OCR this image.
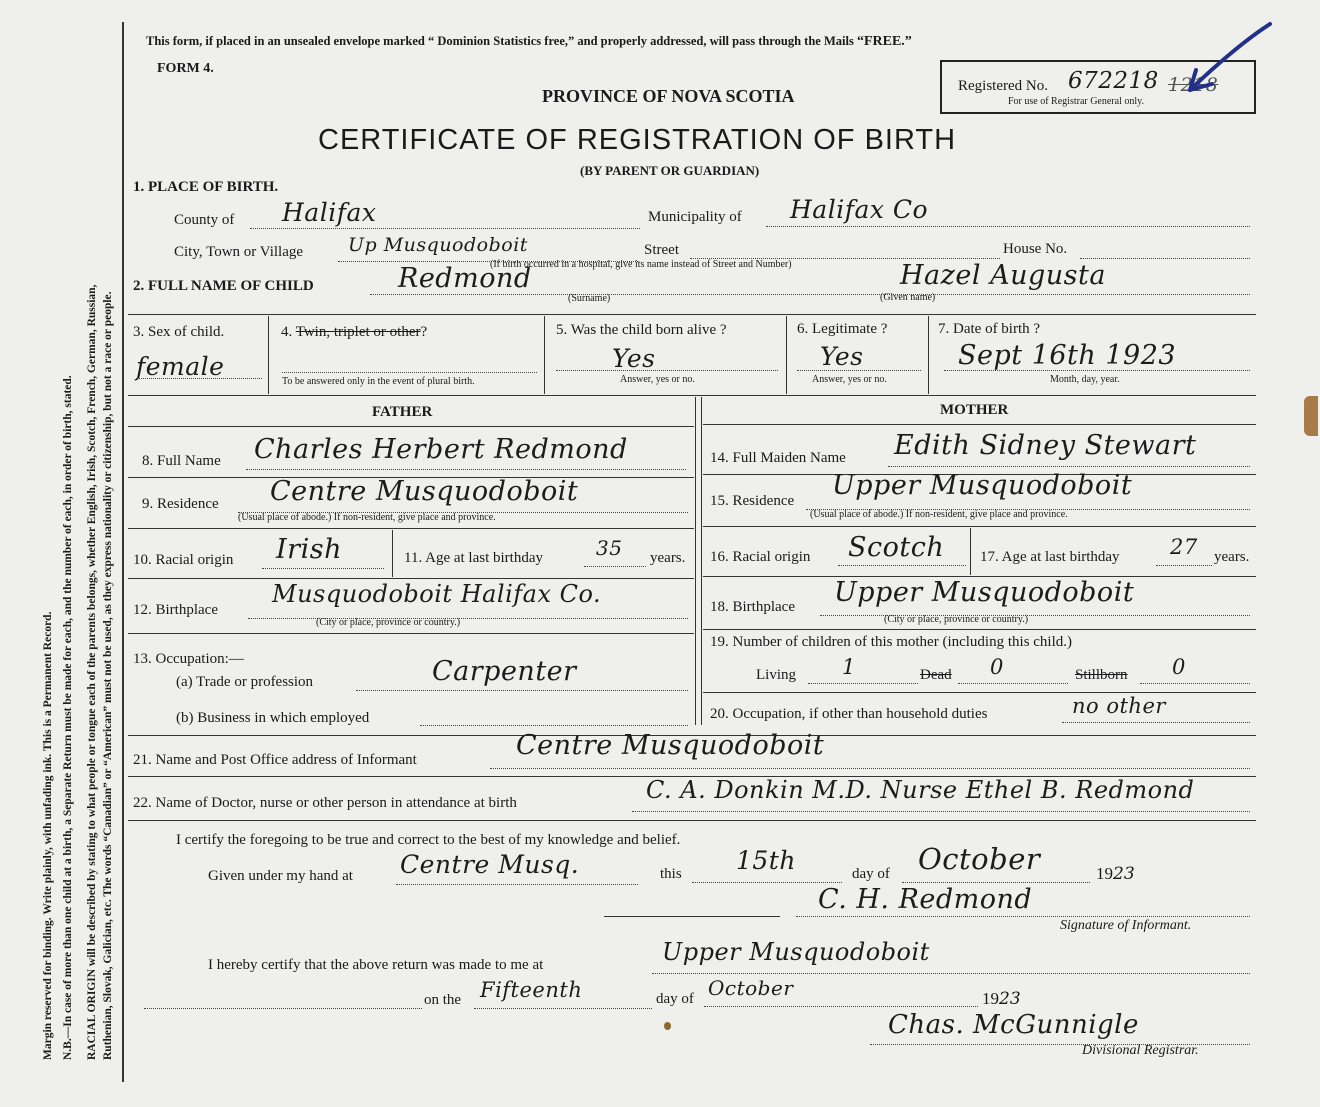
Margin reserved for binding. Write plainly, with unfading ink. This is a Permanent Record. N.B.—In case of more than one child at a birth, a Separate Return must be made for each, and the number of each, in order of birth, stated. RACIAL ORIGIN will be described by stating to what people or tongue each of the parents belongs, whether English, Irish, Scotch, French, German, Russian, Ruthenian, Slovak, Galician, etc. The words “Canadian” or “American” must not be used, as they express nationality or citizenship, but not a race or people.
This form, if placed in an unsealed envelope marked “ Dominion Statistics free,” and properly addressed, will pass through the Mails “FREE.”
FORM 4.
Registered No. 672218 1218
For use of Registrar General only.
PROVINCE OF NOVA SCOTIA
CERTIFICATE OF REGISTRATION OF BIRTH
(BY PARENT OR GUARDIAN)
1. PLACE OF BIRTH.
County of Halifax	Municipality of Halifax Co
City, Town or Village Up Musquodoboit	Street	House No.
(If birth occurred in a hospital, give its name instead of Street and Number)
2. FULL NAME OF CHILD	Redmond
(Surname)
Hazel Augusta
(Given name)
3. Sex of child.
female
4. Twin, triplet or other?
To be answered only in the event of plural birth.
5. Was the child born alive ?
Yes
Answer, yes or no.
6. Legitimate ?
Yes
Answer, yes or no.
7. Date of birth ?
Sept 16th 1923
Month, day, year.
FATHER	MOTHER
8. Full Name Charles Herbert Redmond
9. Residence Centre Musquodoboit
(Usual place of abode.) If non-resident, give place and province.
10. Racial origin Irish	11. Age at last birthday	35 years.
12. Birthplace
Musquodoboit Halifax Co.
(City or place, province or country.)
13. Occupation:—
(a) Trade or profession	Carpenter
(b) Business in which employed
14. Full Maiden Name Edith Sidney Stewart
15. Residence Upper Musquodoboit
(Usual place of abode.) If non-resident, give place and province.
16. Racial origin Scotch 17. Age at last birthday 27 years.
18. Birthplace Upper Musquodoboit
(City or place, province or country.)
19. Number of children of this mother (including this child.)
Living 1	Dead 0	Stillborn 0
20. Occupation, if other than household duties	no other
21. Name and Post Office address of Informant	Centre Musquodoboit
22. Name of Doctor, nurse or other person in attendance at birth	C. A. Donkin M.D. Nurse Ethel B. Redmond
I certify the foregoing to be true and correct to the best of my knowledge and belief.
Given under my hand at Centre Musq.	this 15th	day of October	1923
C. H. Redmond
Signature of Informant.
I hereby certify that the above return was made to me at	Upper Musquodoboit
on the Fifteenth	day of October	1923
Chas. McGunnigle
Divisional Registrar.
